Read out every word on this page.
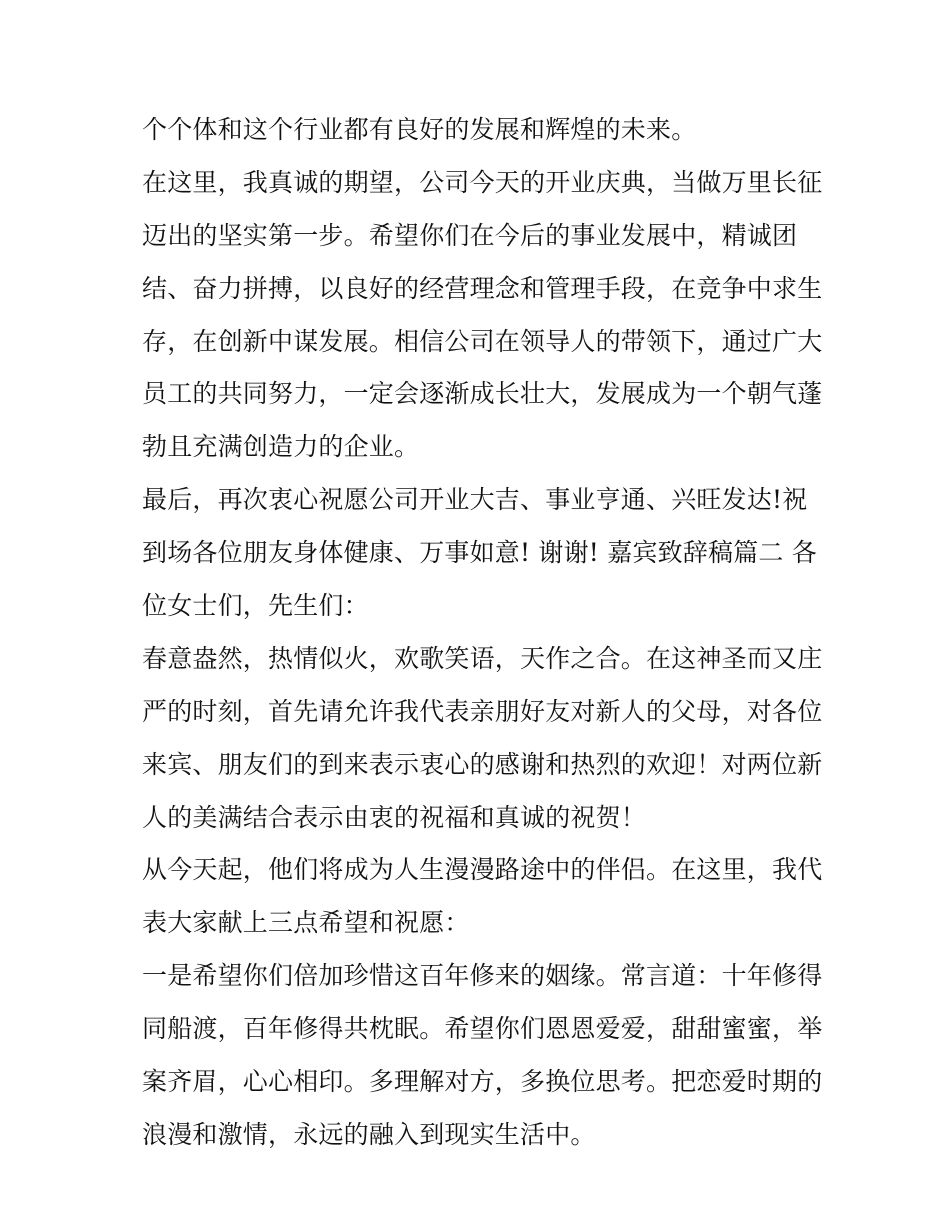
个个体和这个行业都有良好的发展和辉煌的未来。
在这里，我真诚的期望，公司今天的开业庆典，当做万里长征
迈出的坚实第一步。希望你们在今后的事业发展中，精诚团
结、奋力拼搏，以良好的经营理念和管理手段，在竞争中求生
存，在创新中谋发展。相信公司在领导人的带领下，通过广大
员工的共同努力，一定会逐渐成长壮大，发展成为一个朝气蓬
勃且充满创造力的企业。
最后，再次衷心祝愿公司开业大吉、事业亨通、兴旺发达!祝
到场各位朋友身体健康、万事如意! 谢谢! 嘉宾致辞稿篇二 各
位女士们，先生们：
春意盎然，热情似火，欢歌笑语，天作之合。在这神圣而又庄
严的时刻，首先请允许我代表亲朋好友对新人的父母，对各位
来宾、朋友们的到来表示衷心的感谢和热烈的欢迎！对两位新
人的美满结合表示由衷的祝福和真诚的祝贺！
从今天起，他们将成为人生漫漫路途中的伴侣。在这里，我代
表大家献上三点希望和祝愿：
一是希望你们倍加珍惜这百年修来的姻缘。常言道：十年修得
同船渡，百年修得共枕眠。希望你们恩恩爱爱，甜甜蜜蜜，举
案齐眉，心心相印。多理解对方，多换位思考。把恋爱时期的
浪漫和激情，永远的融入到现实生活中。
